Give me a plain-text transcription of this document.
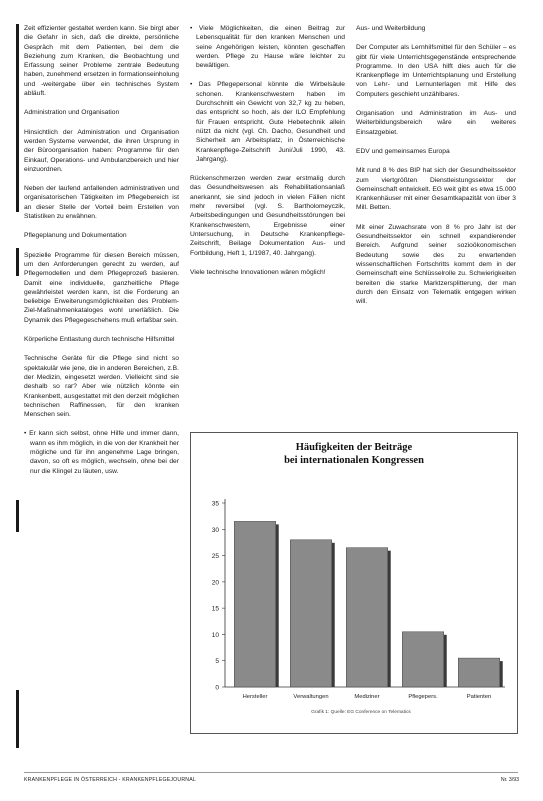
Zeit effizienter gestaltet werden kann. Sie birgt aber die Gefahr in sich, daß die direkte, persönliche Gespräch mit dem Patienten, bei dem die Beziehung zum Kranken, die Beobachtung und Erfassung seiner Probleme zentrale Bedeutung haben, zunehmend ersetzen in formationseinholung und -weitergabe über ein technisches System abläuft.

Administration und Organisation

Hinsichtlich der Administration und Organisation werden Systeme verwendet, die ihren Ursprung in der Büroorganisation haben: Programme für den Einkauf, Operations- und Ambulanzbereich und hier einzuordnen.

Neben der laufend anfallenden administrativen und organisatorischen Tätigkeiten im Pflegebereich ist an dieser Stelle der Vorteil beim Erstellen von Statistiken zu erwähnen.

Pflegeplanung und Dokumentation

Spezielle Programme für diesen Bereich müssen, um den Anforderungen gerecht zu werden, auf Pflegemodellen und dem Pflegeprozeß basieren. Damit eine individuelle, ganzheitliche Pflege gewährleistet werden kann, ist die Forderung an beliebige Erweiterungsmöglichkeiten des Problem-Ziel-Maßnahmenkataloges wohl unerläßlich. Die Dynamik des Pflegegeschehens muß erfaßbar sein.

Körperliche Entlastung durch technische Hilfsmittel

Technische Geräte für die Pflege sind nicht so spektakulär wie jene, die in anderen Bereichen, z.B. der Medizin, eingesetzt werden. Vielleicht sind sie deshalb so rar? Aber wie nützlich könnte ein Krankenbett, ausgestattet mit den derzeit möglichen technischen Raffinessen, für den kranken Menschen sein.

• Er kann sich selbst, ohne Hilfe und immer dann, wann es ihm möglich, in die von der Krankheit her mögliche und für ihn angenehme Lage bringen, davon, so oft es möglich, wechseln, ohne bei der nur die Klingel zu läuten, usw.

• Viele Möglichkeiten, die einen Beitrag zur Lebensqualität für den kranken Menschen und seine Angehörigen leisten, könnten geschaffen werden. Pflege zu Hause wäre leichter zu bewältigen.

• Das Pflegepersonal könnte die Wirbelsäule schonen. Krankenschwestern haben im Durchschnitt ein Gewicht von 32,7 kg zu heben, das entspricht so hoch, als der ILO Empfehlung für Frauen entspricht. Gute Hebetechnik allein nützt da nicht (vgl. Ch. Dacho, Gesundheit und Sicherheit am Arbeitsplatz, in Österreichische Krankenpflege-Zeitschrift Juni/Juli 1990, 43. Jahrgang).

Rückenschmerzen werden zwar erstmalig durch das Gesundheitswesen als Rehabilitationsanlaß anerkannt, sie sind jedoch in vielen Fällen nicht mehr reversibel (vgl. S. Bartholomeyczik, Arbeitsbedingungen und Gesundheitsstörungen bei Krankenschwestern, Ergebnisse einer Untersuchung, in Deutsche Krankenpflege-Zeitschrift, Beilage Dokumentation Aus- und Fortbildung, Heft 1, 1/1987, 40. Jahrgang).

Viele technische Innovationen wären möglich!

Aus- und Weiterbildung

Der Computer als Lernhilfsmittel für den Schüler – es gibt für viele Unterrichtsgegenstände entsprechende Programme. In den USA hilft dies auch für die Krankenpflege im Unterrichtsplanung und Erstellung von Lehr- und Lernunterlagen mit Hilfe des Computers geschieht unzählbares.

Organisation und Administration im Aus- und Weiterbildungsbereich wäre ein weiteres Einsatzgebiet.

EDV und gemeinsames Europa

Mit rund 8 % des BIP hat sich der Gesundheitssektor zum viertgrößten Dienstleistungssektor der Gemeinschaft entwickelt. EG weit gibt es etwa 15.000 Krankenhäuser mit einer Gesamtkapazität von über 3 Mill. Betten.

Mit einer Zuwachsrate von 8 % pro Jahr ist der Gesundheitssektor ein schnell expandierender Bereich. Aufgrund seiner sozioökonomischen Bedeutung sowie des zu erwartenden wissenschaftlichen Fortschritts kommt dem in der Gemeinschaft eine Schlüsselrolle zu. Schwierigkeiten bereiten die starke Marktzersplitterung, der man durch den Einsatz von Telematik entgegen wirken will.

Häufigkeiten der Beiträge
bei internationalen Kongressen
0
5
10
15
20
25
30
35
Hersteller	Verwaltungen	Mediziner	Pflegepers.	Patienten
Grafik 1: Quelle: EG Conference on Telematics
KRANKENPFLEGE IN ÖSTERREICH - KRANKENPFLEGEJOURNAL	Nr. 3/93
